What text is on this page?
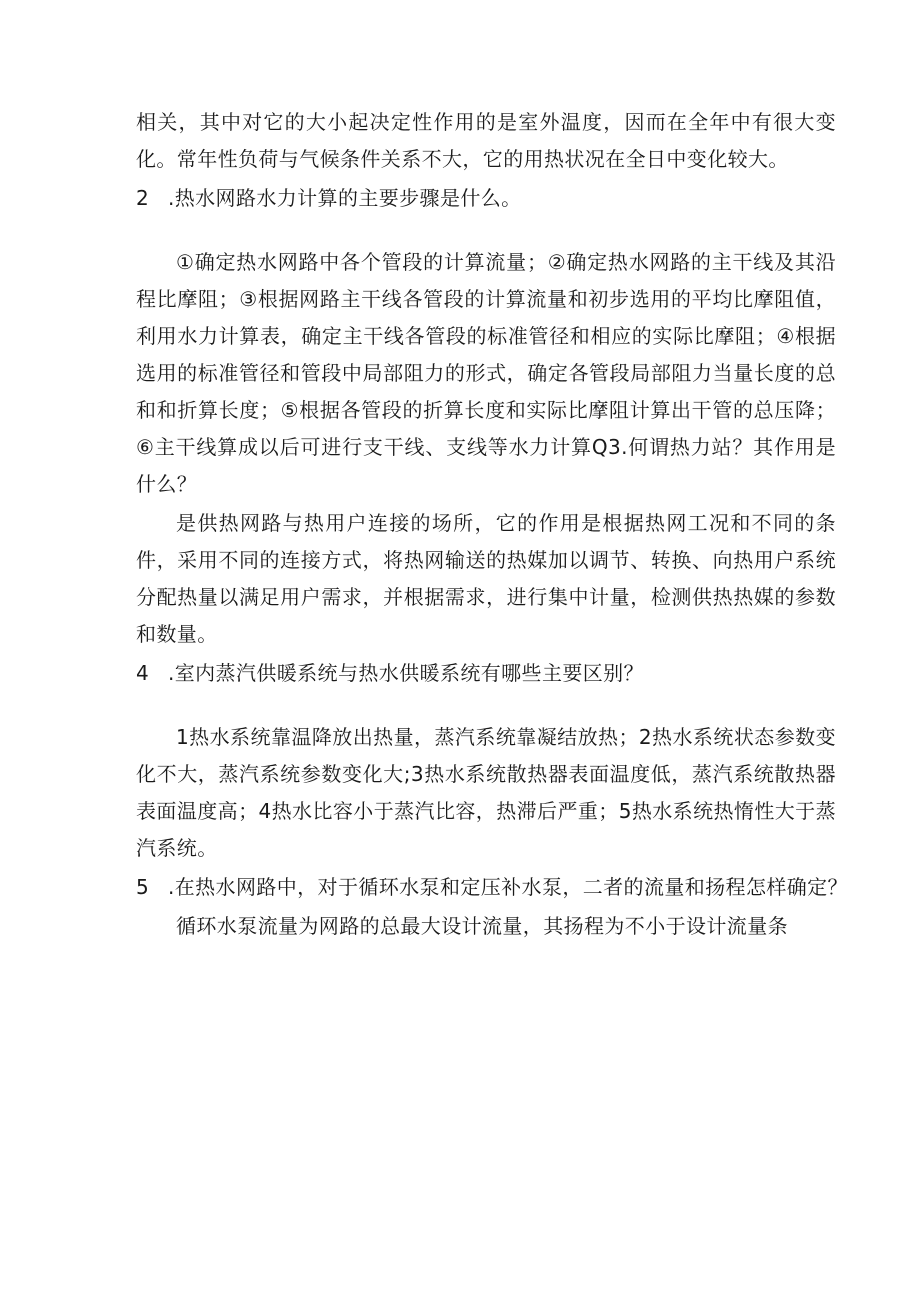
相关，其中对它的大小起决定性作用的是室外温度，因而在全年中有很大变化。常年性负荷与气候条件关系不大，它的用热状况在全日中变化较大。

2 .热水网路水力计算的主要步骤是什么。

①确定热水网路中各个管段的计算流量；②确定热水网路的主干线及其沿程比摩阻；③根据网路主干线各管段的计算流量和初步选用的平均比摩阻值，利用水力计算表，确定主干线各管段的标准管径和相应的实际比摩阻；④根据选用的标准管径和管段中局部阻力的形式，确定各管段局部阻力当量长度的总和和折算长度；⑤根据各管段的折算长度和实际比摩阻计算出干管的总压降；⑥主干线算成以后可进行支干线、支线等水力计算Q3.何谓热力站？其作用是什么？

是供热网路与热用户连接的场所，它的作用是根据热网工况和不同的条件，采用不同的连接方式，将热网输送的热媒加以调节、转换、向热用户系统分配热量以满足用户需求，并根据需求，进行集中计量，检测供热热媒的参数和数量。

4 .室内蒸汽供暖系统与热水供暖系统有哪些主要区别？

1热水系统靠温降放出热量，蒸汽系统靠凝结放热；2热水系统状态参数变化不大，蒸汽系统参数变化大;3热水系统散热器表面温度低，蒸汽系统散热器表面温度高；4热水比容小于蒸汽比容，热滞后严重；5热水系统热惰性大于蒸汽系统。

5 .在热水网路中，对于循环水泵和定压补水泵，二者的流量和扬程怎样确定？

循环水泵流量为网路的总最大设计流量，其扬程为不小于设计流量条
